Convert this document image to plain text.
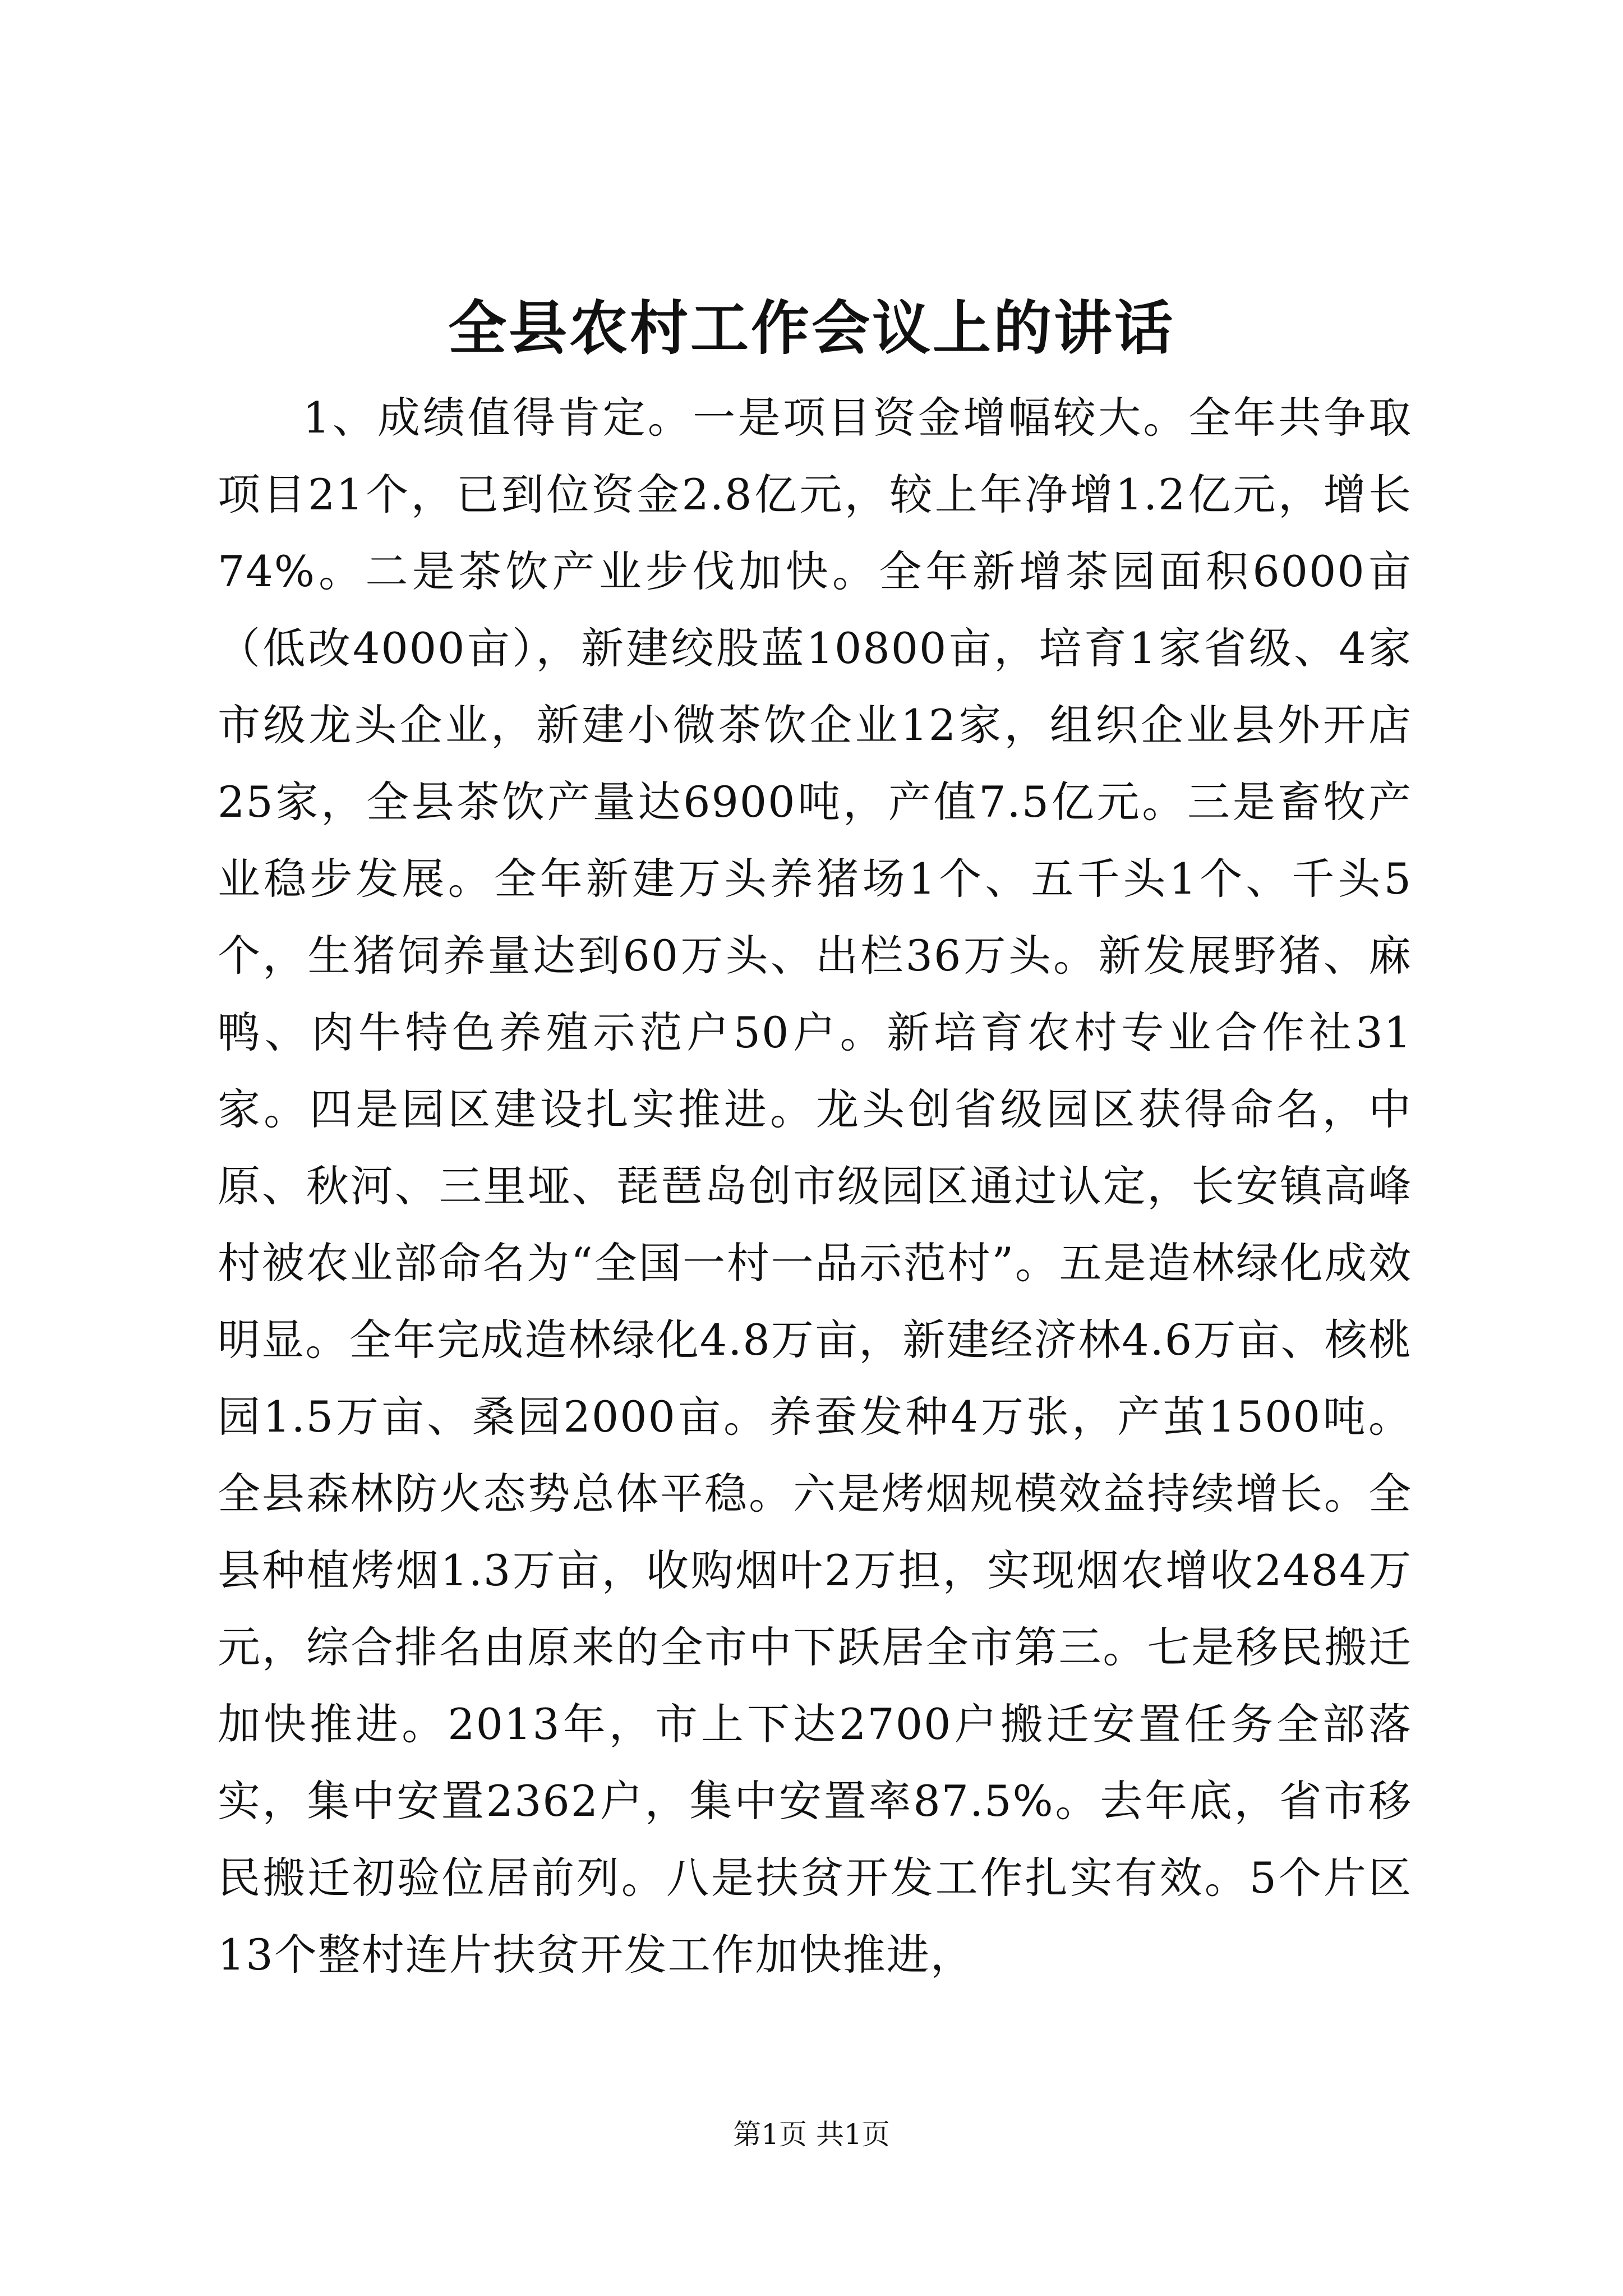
全县农村工作会议上的讲话

1、成绩值得肯定。一是项目资金增幅较大。全年共争取项目21个，已到位资金2.8亿元，较上年净增1.2亿元，增长74%。二是茶饮产业步伐加快。全年新增茶园面积6000亩（低改4000亩），新建绞股蓝10800亩，培育1家省级、4家市级龙头企业，新建小微茶饮企业12家，组织企业县外开店25家，全县茶饮产量达6900吨，产值7.5亿元。三是畜牧产业稳步发展。全年新建万头养猪场1个、五千头1个、千头5个，生猪饲养量达到60万头、出栏36万头。新发展野猪、麻鸭、肉牛特色养殖示范户50户。新培育农村专业合作社31家。四是园区建设扎实推进。龙头创省级园区获得命名，中原、秋河、三里垭、琵琶岛创市级园区通过认定，长安镇高峰村被农业部命名为“全国一村一品示范村”。五是造林绿化成效明显。全年完成造林绿化4.8万亩，新建经济林4.6万亩、核桃园1.5万亩、桑园2000亩。养蚕发种4万张，产茧1500吨。全县森林防火态势总体平稳。六是烤烟规模效益持续增长。全县种植烤烟1.3万亩，收购烟叶2万担，实现烟农增收2484万元，综合排名由原来的全市中下跃居全市第三。七是移民搬迁加快推进。2013年，市上下达2700户搬迁安置任务全部落实，集中安置2362户，集中安置率87.5%。去年底，省市移民搬迁初验位居前列。八是扶贫开发工作扎实有效。5个片区13个整村连片扶贫开发工作加快推进，

第1页 共1页
